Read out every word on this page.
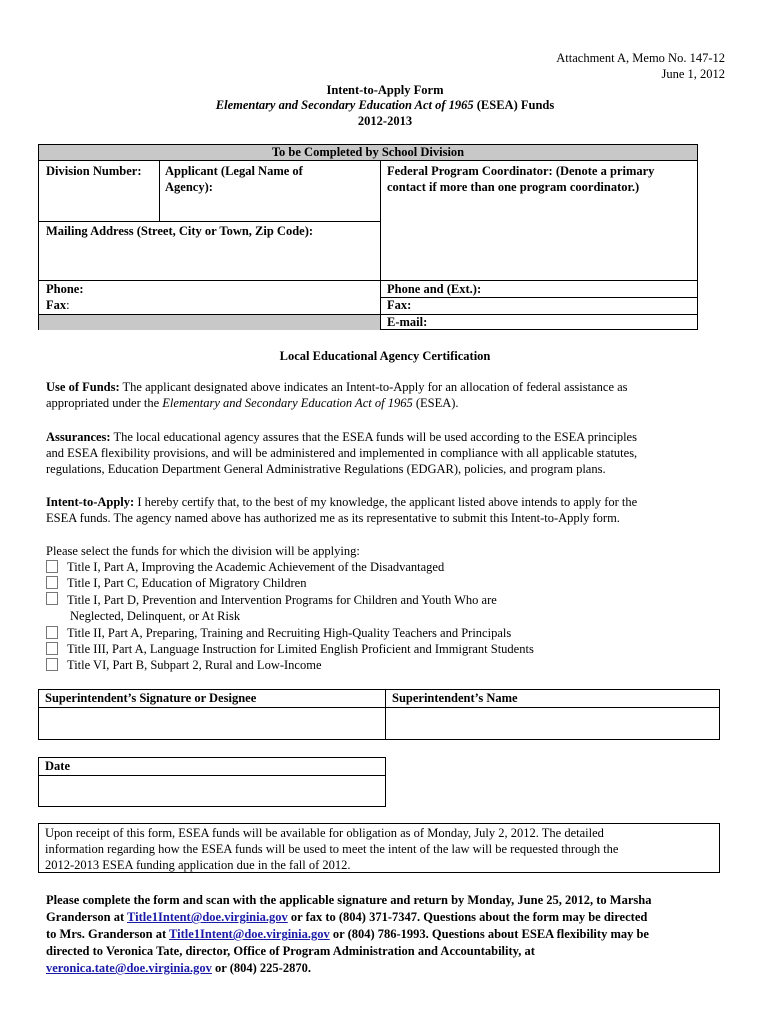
Attachment A, Memo No. 147-12
June 1, 2012
Intent-to-Apply Form
Elementary and Secondary Education Act of 1965 (ESEA) Funds
2012-2013
To be Completed by School Division
Division Number: Applicant (Legal Name of
Agency):
Mailing Address (Street, City or Town, Zip Code):
Federal Program Coordinator: (Denote a primary
contact if more than one program coordinator.)
Phone:
Fax:
Phone and (Ext.):
Fax:
E-mail:
Local Educational Agency Certification
Use of Funds: The applicant designated above indicates an Intent-to-Apply for an allocation of federal assistance as
appropriated under the Elementary and Secondary Education Act of 1965 (ESEA).
Assurances: The local educational agency assures that the ESEA funds will be used according to the ESEA principles
and ESEA flexibility provisions, and will be administered and implemented in compliance with all applicable statutes,
regulations, Education Department General Administrative Regulations (EDGAR), policies, and program plans.
Intent-to-Apply: I hereby certify that, to the best of my knowledge, the applicant listed above intends to apply for the
ESEA funds. The agency named above has authorized me as its representative to submit this Intent-to-Apply form.
Please select the funds for which the division will be applying:
Title I, Part A, Improving the Academic Achievement of the Disadvantaged
Title I, Part C, Education of Migratory Children
Title I, Part D, Prevention and Intervention Programs for Children and Youth Who are
Neglected, Delinquent, or At Risk
Title II, Part A, Preparing, Training and Recruiting High-Quality Teachers and Principals
Title III, Part A, Language Instruction for Limited English Proficient and Immigrant Students
Title VI, Part B, Subpart 2, Rural and Low-Income
Superintendent’s Signature or Designee	Superintendent’s Name
Date
Upon receipt of this form, ESEA funds will be available for obligation as of Monday, July 2, 2012. The detailed
information regarding how the ESEA funds will be used to meet the intent of the law will be requested through the
2012-2013 ESEA funding application due in the fall of 2012.
Please complete the form and scan with the applicable signature and return by Monday, June 25, 2012, to Marsha
Granderson at Title1Intent@doe.virginia.gov or fax to (804) 371-7347. Questions about the form may be directed
to Mrs. Granderson at Title1Intent@doe.virginia.gov or (804) 786-1993. Questions about ESEA flexibility may be
directed to Veronica Tate, director, Office of Program Administration and Accountability, at
veronica.tate@doe.virginia.gov or (804) 225-2870.
